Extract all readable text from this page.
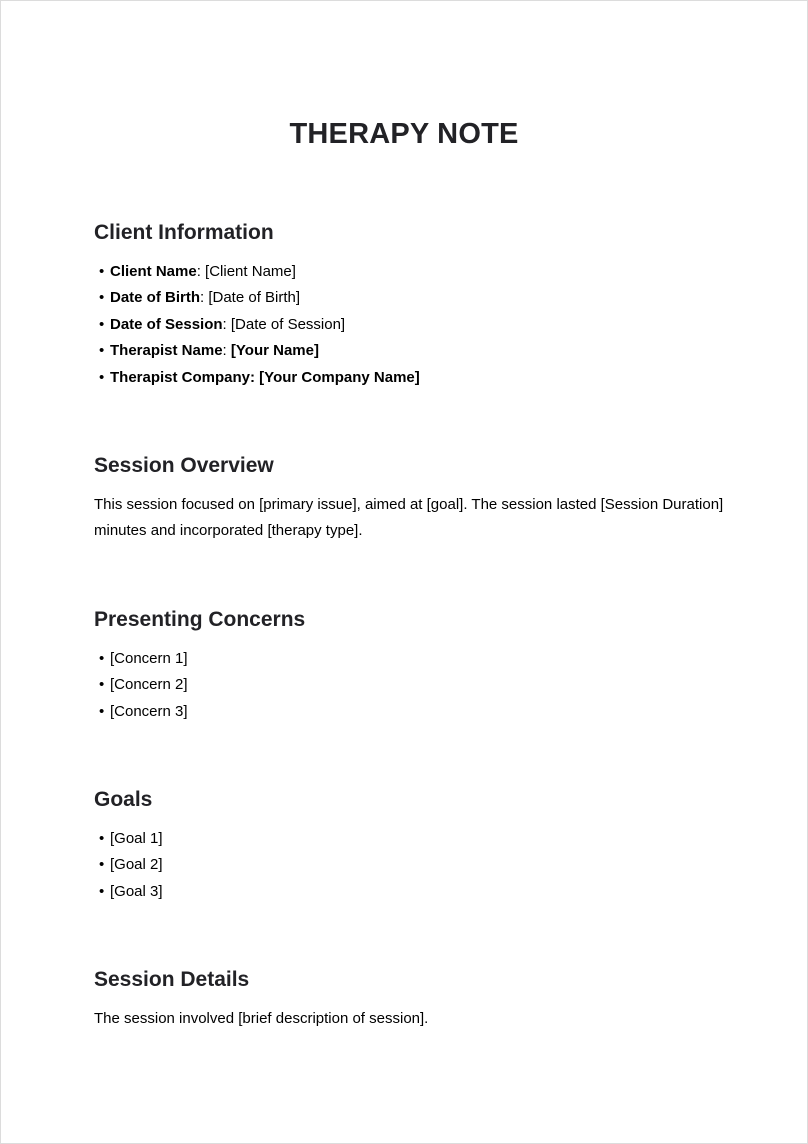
THERAPY NOTE
Client Information
• Client Name: [Client Name]
• Date of Birth: [Date of Birth]
• Date of Session: [Date of Session]
• Therapist Name: [Your Name]
• Therapist Company: [Your Company Name]
Session Overview

This session focused on [primary issue], aimed at [goal]. The session lasted [Session Duration] minutes and incorporated [therapy type].

Presenting Concerns
• [Concern 1]
• [Concern 2]
• [Concern 3]
Goals
• [Goal 1]
• [Goal 2]
• [Goal 3]
Session Details

The session involved [brief description of session].
